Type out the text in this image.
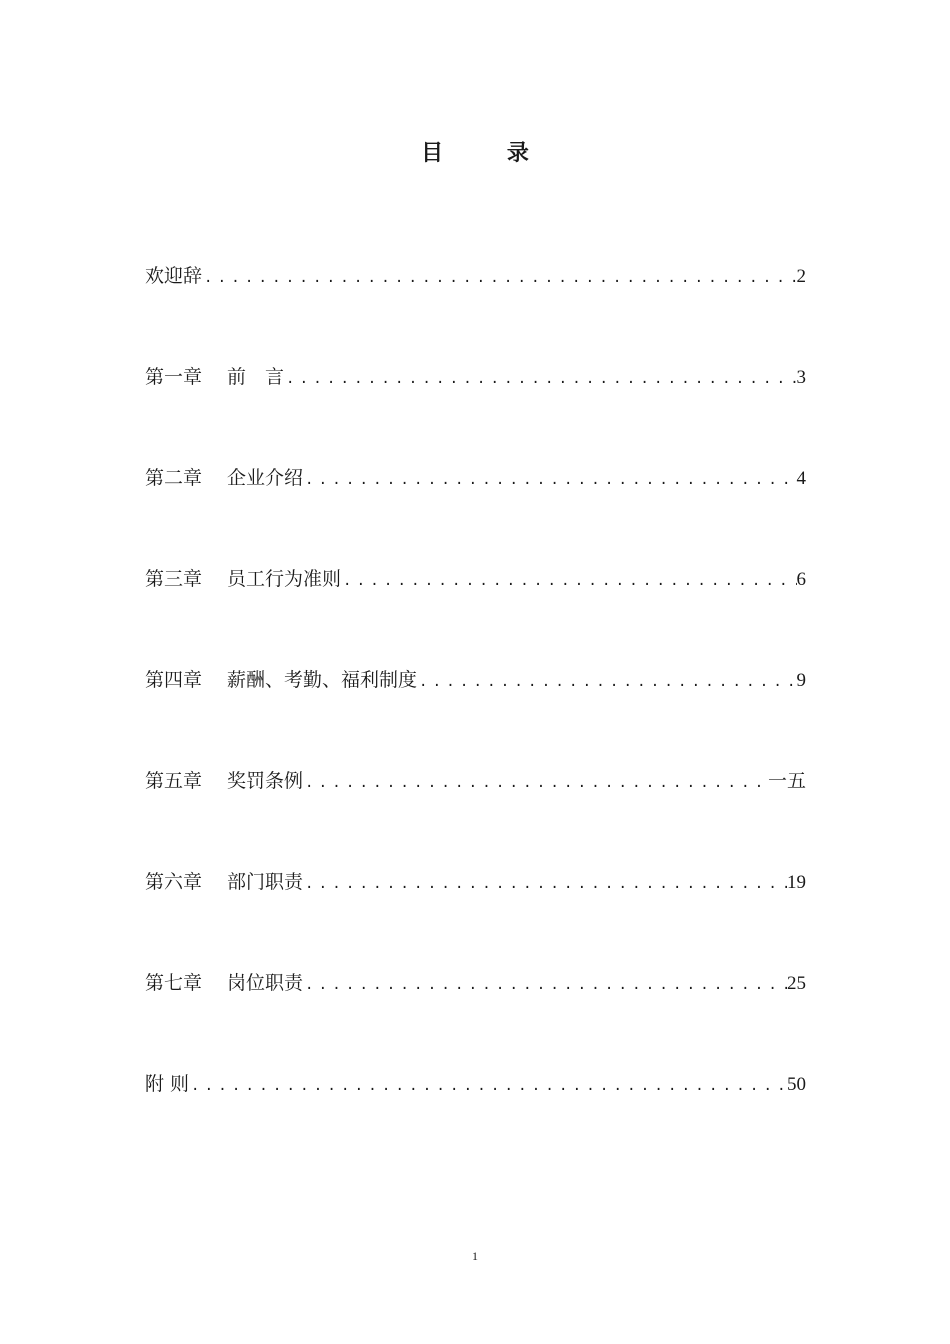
目 录
欢迎辞 .....	2
第一章 前　言 .....	3
第二章 企业介绍 .....	4
第三章 员工行为准则 .....	6
第四章 薪酬、考勤、福利制度 .....	9
第五章 奖罚条例 .....	一五
第六章 部门职责 .....	19
第七章 岗位职责 .....	25
附 则 .....	50
1
